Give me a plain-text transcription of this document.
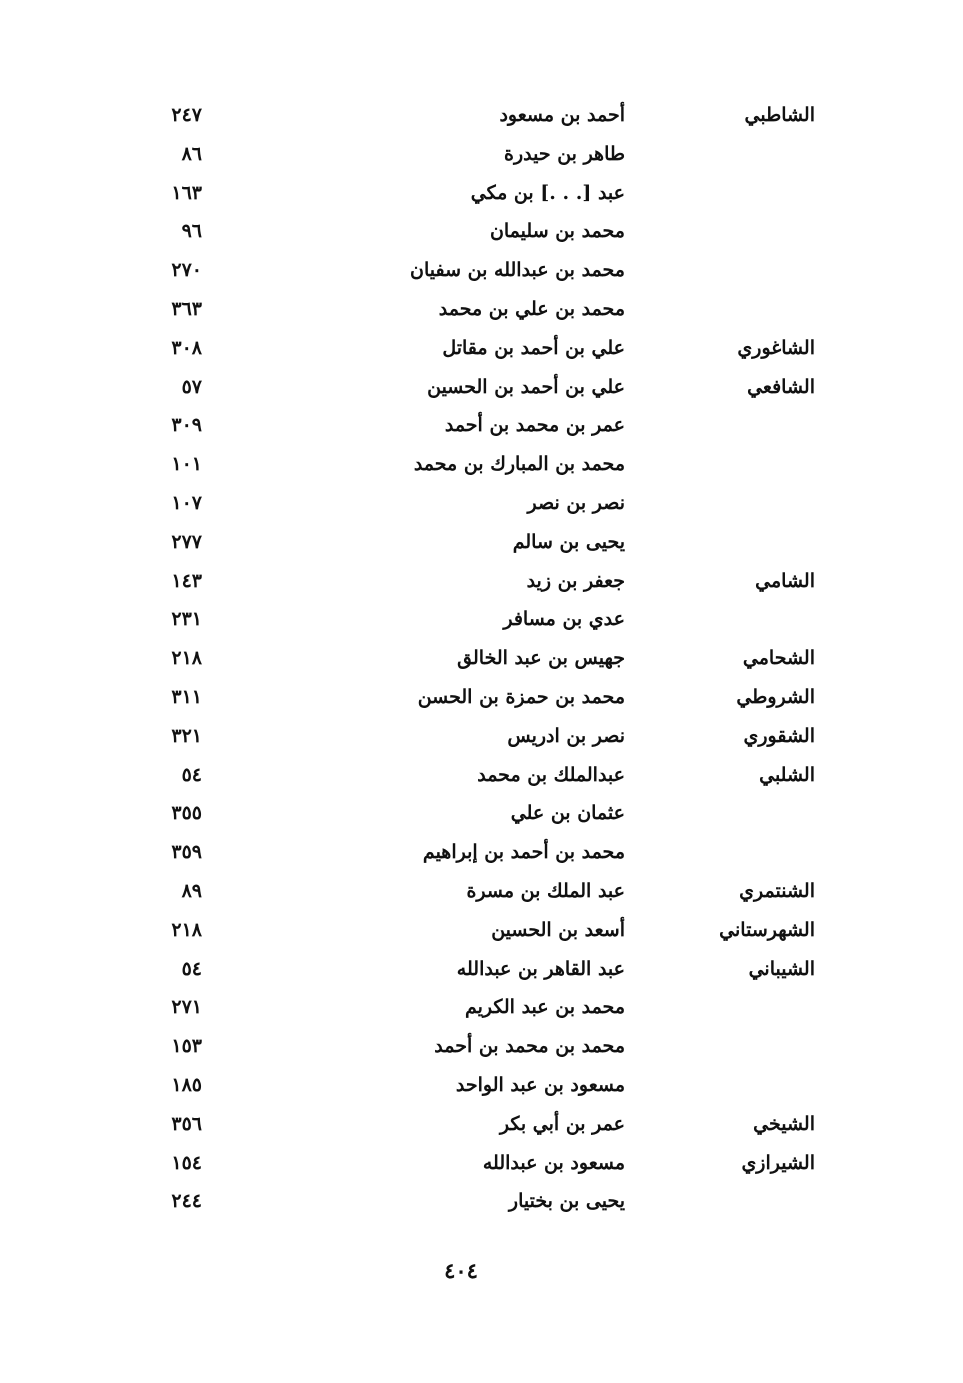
الشاطبي
أحمد بن مسعود
٢٤٧
طاهر بن حيدرة
٨٦
عبد [. . .] بن مكي
١٦٣
محمد بن سليمان
٩٦
محمد بن عبدالله بن سفيان
٢٧٠
محمد بن علي بن محمد
٣٦٣
الشاغوري
علي بن أحمد بن مقاتل
٣٠٨
الشافعي
علي بن أحمد بن الحسين
٥٧
عمر بن محمد بن أحمد
٣٠٩
محمد بن المبارك بن محمد
١٠١
نصر بن نصر
١٠٧
يحيى بن سالم
٢٧٧
الشامي
جعفر بن زيد
١٤٣
عدي بن مسافر
٢٣١
الشحامي
جهيس بن عبد الخالق
٢١٨
الشروطي
محمد بن حمزة بن الحسن
٣١١
الشقوري
نصر بن ادريس
٣٢١
الشلبي
عبدالملك بن محمد
٥٤
عثمان بن علي
٣٥٥
محمد بن أحمد بن إبراهيم
٣٥٩
الشنتمري
عبد الملك بن مسرة
٨٩
الشهرستاني
أسعد بن الحسين
٢١٨
الشيباني
عبد القاهر بن عبدالله
٥٤
محمد بن عبد الكريم
٢٧١
محمد بن محمد بن أحمد
١٥٣
مسعود بن عبد الواحد
١٨٥
الشيخي
عمر بن أبي بكر
٣٥٦
الشيرازي
مسعود بن عبدالله
١٥٤
يحيى بن بختيار
٢٤٤
٤٠٤
